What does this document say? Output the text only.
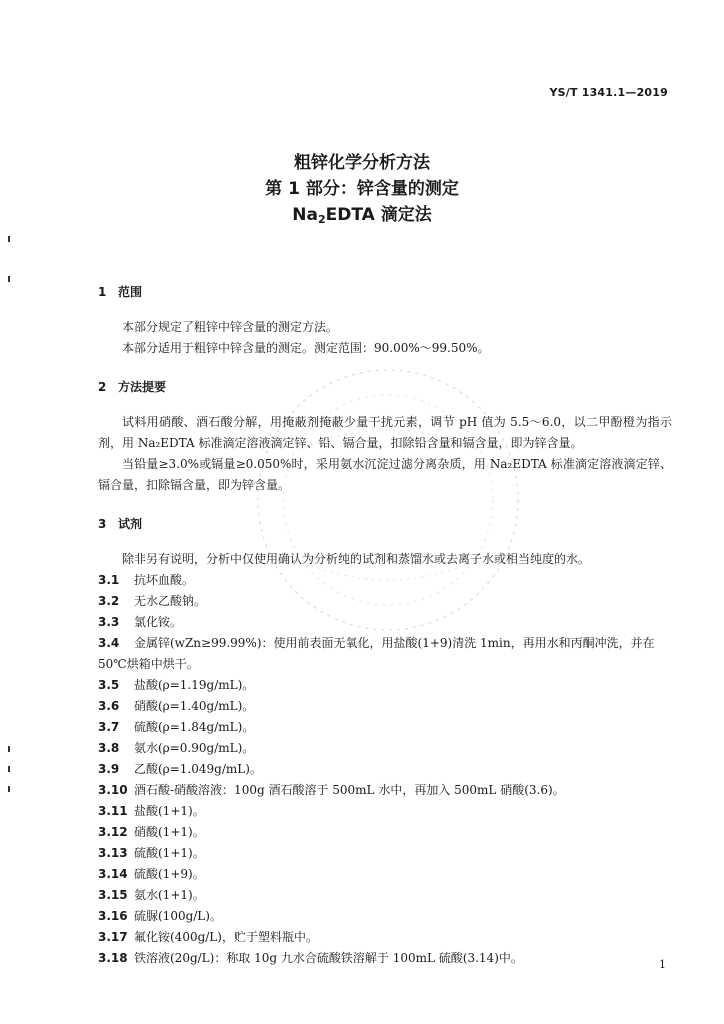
YS/T 1341.1—2019

粗锌化学分析方法

第 1 部分：锌含量的测定

$Na_2EDTA$ 滴定法

1 范围

本部分规定了粗锌中锌含量的测定方法。

本部分适用于粗锌中锌含量的测定。测定范围：90.00%～99.50%。

2 方法提要

试料用硝酸、酒石酸分解，用掩蔽剂掩蔽少量干扰元素，调节 pH 值为 5.5～6.0，以二甲酚橙为指示剂，用 Na₂EDTA 标准滴定溶液滴定锌、铅、镉合量，扣除铅含量和镉含量，即为锌含量。

当铅量≥3.0%或镉量≥0.050%时，采用氨水沉淀过滤分离杂质，用 Na₂EDTA 标准滴定溶液滴定锌、镉合量，扣除镉含量，即为锌含量。

3 试剂

除非另有说明，分析中仅使用确认为分析纯的试剂和蒸馏水或去离子水或相当纯度的水。

3.1 抗坏血酸。

3.2 无水乙酸钠。

3.3 氯化铵。

3.4 金属锌(wZn≥99.99%)：使用前表面无氧化，用盐酸(1+9)清洗 1min，再用水和丙酮冲洗，并在

50℃烘箱中烘干。

3.5 盐酸(ρ=1.19g/mL)。

3.6 硝酸(ρ=1.40g/mL)。

3.7 硫酸(ρ=1.84g/mL)。

3.8 氨水(ρ=0.90g/mL)。

3.9 乙酸(ρ=1.049g/mL)。

3.10 酒石酸-硝酸溶液：100g 酒石酸溶于 500mL 水中，再加入 500mL 硝酸(3.6)。

3.11 盐酸(1+1)。

3.12 硝酸(1+1)。

3.13 硫酸(1+1)。

3.14 硫酸(1+9)。

3.15 氨水(1+1)。

3.16 硫脲(100g/L)。

3.17 氟化铵(400g/L)，贮于塑料瓶中。

3.18 铁溶液(20g/L)：称取 10g 九水合硫酸铁溶解于 100mL 硫酸(3.14)中。	1
